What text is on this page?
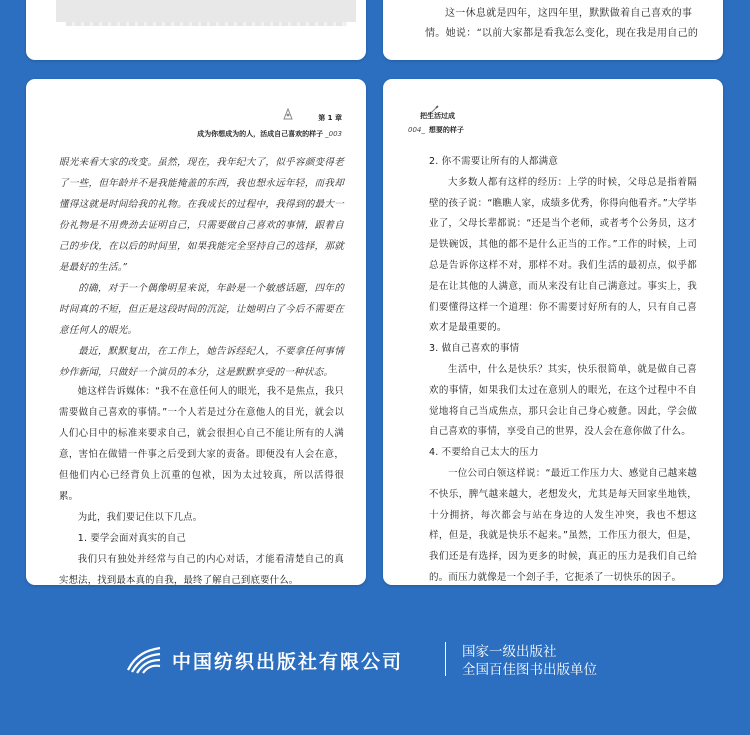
这一休息就是四年，这四年里，默默做着自己喜欢的事
情。她说：“以前大家都是看我怎么变化，现在我是用自己的
第 1 章
成为你想成为的人，活成自己喜欢的样子 _003

眼光来看大家的改变。虽然，现在，我年纪大了，似乎容颜变得老了一些，但年龄并不是我能掩盖的东西，我也想永远年轻，而我却懂得这就是时间给我的礼物。在我成长的过程中，我得到的最大一份礼物是不用费劲去证明自己，只需要做自己喜欢的事情，跟着自己的步伐，在以后的时间里，如果我能完全坚持自己的选择，那就是最好的生活。”

的确，对于一个偶像明星来说，年龄是一个敏感话题，四年的时间真的不短，但正是这段时间的沉淀，让她明白了今后不需要在意任何人的眼光。

最近，默默复出，在工作上，她告诉经纪人，不要拿任何事情炒作新闻，只做好一个演员的本分，这是默默享受的一种状态。

她这样告诉媒体：“我不在意任何人的眼光，我不是焦点，我只需要做自己喜欢的事情。”一个人若是过分在意他人的目光，就会以人们心目中的标准来要求自己，就会很担心自己不能让所有的人满意，害怕在做错一件事之后受到大家的责备。即便没有人会在意，但他们内心已经背负上沉重的包袱，因为太过较真，所以活得很累。

为此，我们要记住以下几点。

1. 要学会面对真实的自己

我们只有独处并经常与自己的内心对话，才能看清楚自己的真实想法，找到最本真的自我，最终了解自己到底要什么。

把生活过成
004_ 想要的样子

2. 你不需要让所有的人都满意

大多数人都有这样的经历：上学的时候，父母总是指着隔壁的孩子说：“瞧瞧人家，成绩多优秀，你得向他看齐。”大学毕业了，父母长辈都说：“还是当个老师，或者考个公务员，这才是铁碗饭，其他的都不是什么正当的工作。”工作的时候，上司总是告诉你这样不对，那样不对。我们生活的最初点，似乎都是在让其他的人满意，而从来没有让自己满意过。事实上，我们要懂得这样一个道理：你不需要讨好所有的人，只有自己喜欢才是最重要的。

3. 做自己喜欢的事情

生活中，什么是快乐？其实，快乐很简单，就是做自己喜欢的事情，如果我们太过在意别人的眼光，在这个过程中不自觉地将自己当成焦点，那只会让自己身心疲惫。因此，学会做自己喜欢的事情，享受自己的世界，没人会在意你做了什么。

4. 不要给自己太大的压力

一位公司白领这样说：“最近工作压力大、感觉自己越来越不快乐，脾气越来越大，老想发火，尤其是每天回家坐地铁，十分拥挤，每次都会与站在身边的人发生冲突，我也不想这样，但是，我就是快乐不起来。”虽然，工作压力很大，但是，我们还是有选择，因为更多的时候，真正的压力是我们自己给的。而压力就像是一个刽子手，它扼杀了一切快乐的因子。

中国纺织出版社有限公司	国家一级出版社
全国百佳图书出版单位
